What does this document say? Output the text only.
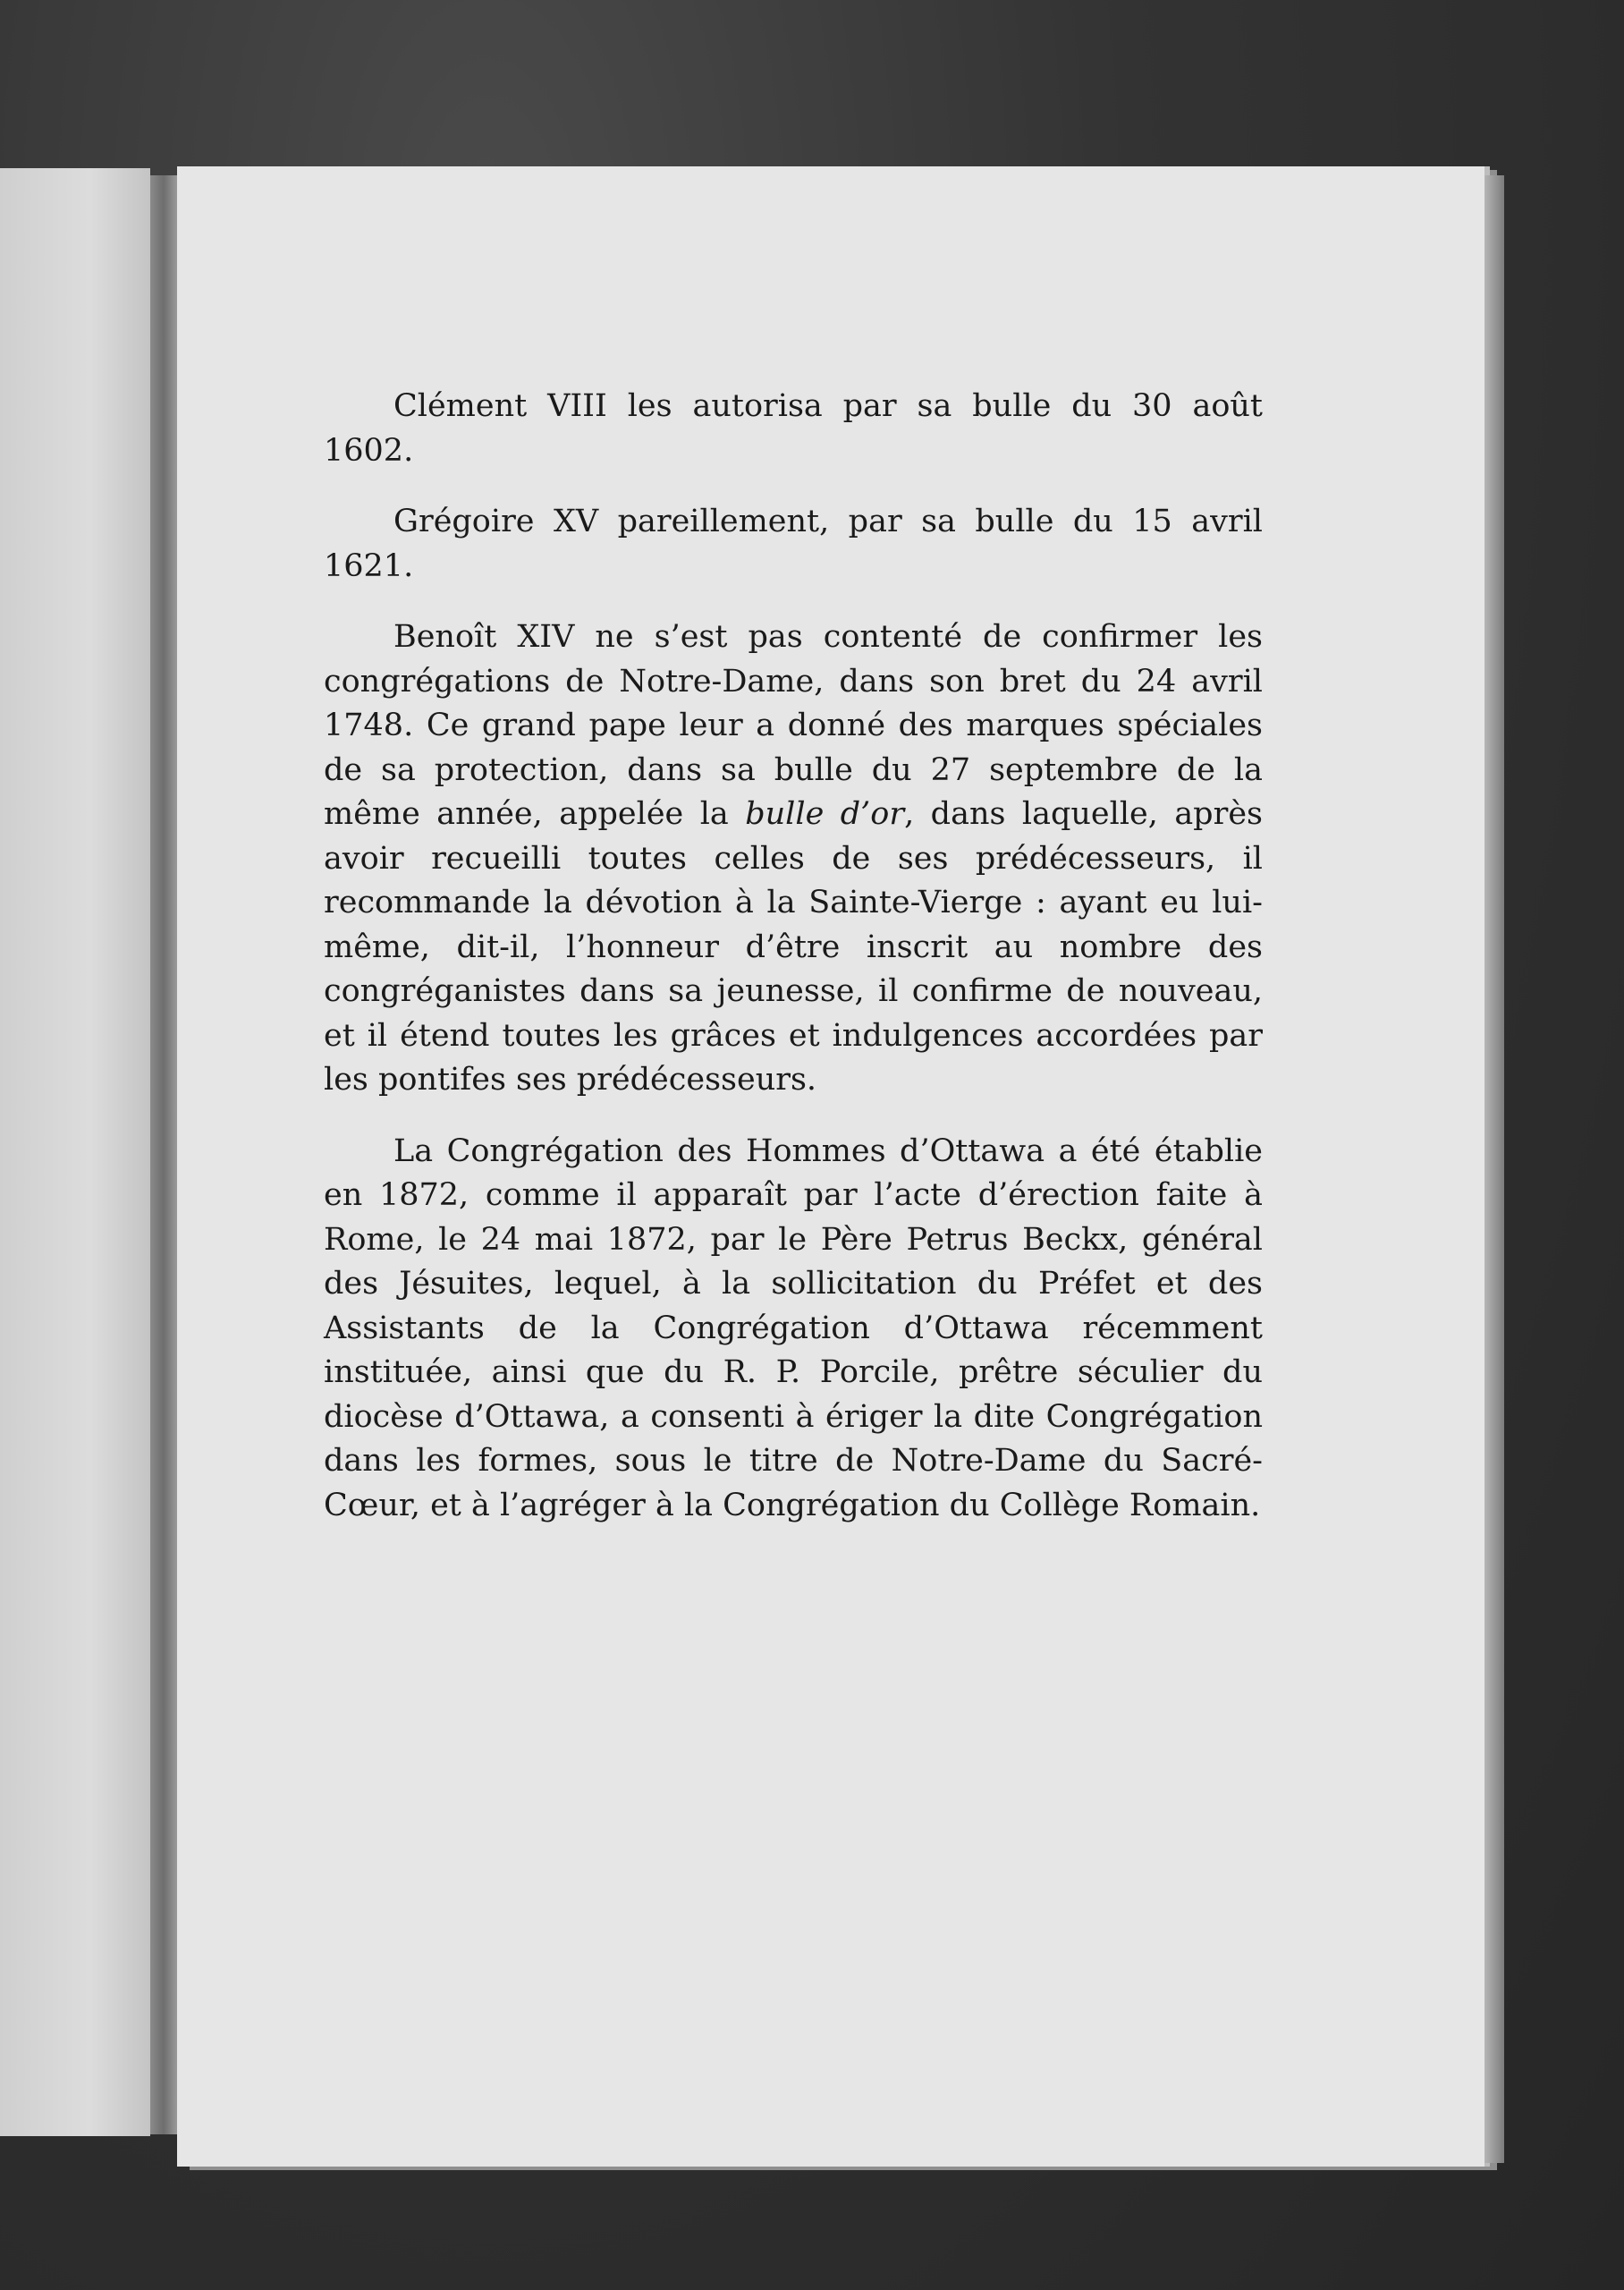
Clément VIII les autorisa par sa bulle du 30 août 1602.

Grégoire XV pareillement, par sa bulle du 15 avril 1621.

Benoît XIV ne s’est pas contenté de confirmer les congrégations de Notre-Dame, dans son bret du 24 avril 1748. Ce grand pape leur a donné des marques spéciales de sa protection, dans sa bulle du 27 septembre de la même année, appelée la bulle d’or, dans laquelle, après avoir recueilli toutes celles de ses prédécesseurs, il recommande la dévotion à la Sainte-Vierge : ayant eu lui-même, dit-il, l’honneur d’être inscrit au nombre des congréganistes dans sa jeunesse, il confirme de nouveau, et il étend toutes les grâces et indulgences accordées par les pontifes ses prédécesseurs.

La Congrégation des Hommes d’Ottawa a été établie en 1872, comme il apparaît par l’acte d’érection faite à Rome, le 24 mai 1872, par le Père Petrus Beckx, général des Jésuites, lequel, à la sollicitation du Préfet et des Assistants de la Congrégation d’Ottawa récemment instituée, ainsi que du R. P. Porcile, prêtre séculier du diocèse d’Ottawa, a consenti à ériger la dite Congrégation dans les formes, sous le titre de Notre-Dame du Sacré-Cœur, et à l’agréger à la Congrégation du Collège Romain.
